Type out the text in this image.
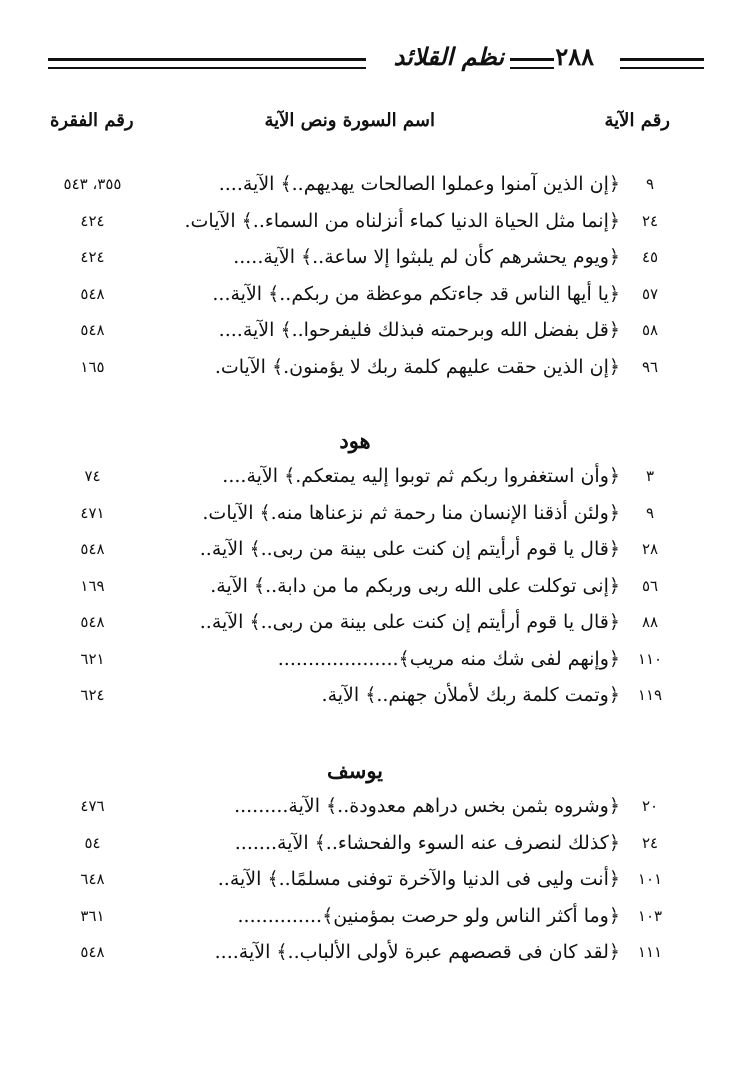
٢٨٨
نظم القلائد
رقم الآية
اسم السورة ونص الآية
رقم الفقرة
٩
﴿إن الذين آمنوا وعملوا الصالحات يهديهم..﴾ الآية....
٣٥٥، ٥٤٣
٢٤
﴿إنما مثل الحياة الدنيا كماء أنزلناه من السماء..﴾ الآيات.
٤٢٤
٤٥
﴿ويوم يحشرهم كأن لم يلبثوا إلا ساعة..﴾ الآية.....
٤٢٤
٥٧
﴿يا أيها الناس قد جاءتكم موعظة من ربكم..﴾ الآية...
٥٤٨
٥٨
﴿قل بفضل الله وبرحمته فبذلك فليفرحوا..﴾ الآية....
٥٤٨
٩٦
﴿إن الذين حقت عليهم كلمة ربك لا يؤمنون.﴾ الآيات.
١٦٥
هود
٣
﴿وأن استغفروا ربكم ثم توبوا إليه يمتعكم.﴾ الآية....
٧٤
٩
﴿ولئن أذقنا الإنسان منا رحمة ثم نزعناها منه.﴾ الآيات.
٤٧١
٢٨
﴿قال يا قوم أرأيتم إن كنت على بينة من ربى..﴾ الآية..
٥٤٨
٥٦
﴿إنى توكلت على الله ربى وربكم ما من دابة..﴾ الآية.
١٦٩
٨٨
﴿قال يا قوم أرأيتم إن كنت على بينة من ربى..﴾ الآية..
٥٤٨
١١٠
﴿وإنهم لفى شك منه مريب﴾....................
٦٢١
١١٩
﴿وتمت كلمة ربك لأملأن جهنم..﴾ الآية.
٦٢٤
يوسف
٢٠
﴿وشروه بثمن بخس دراهم معدودة..﴾ الآية.........
٤٧٦
٢٤
﴿كذلك لنصرف عنه السوء والفحشاء..﴾ الآية.......
٥٤
١٠١
﴿أنت وليى فى الدنيا والآخرة توفنى مسلمًا..﴾ الآية..
٦٤٨
١٠٣
﴿وما أكثر الناس ولو حرصت بمؤمنين﴾..............
٣٦١
١١١
﴿لقد كان فى قصصهم عبرة لأولى الألباب..﴾ الآية....
٥٤٨
